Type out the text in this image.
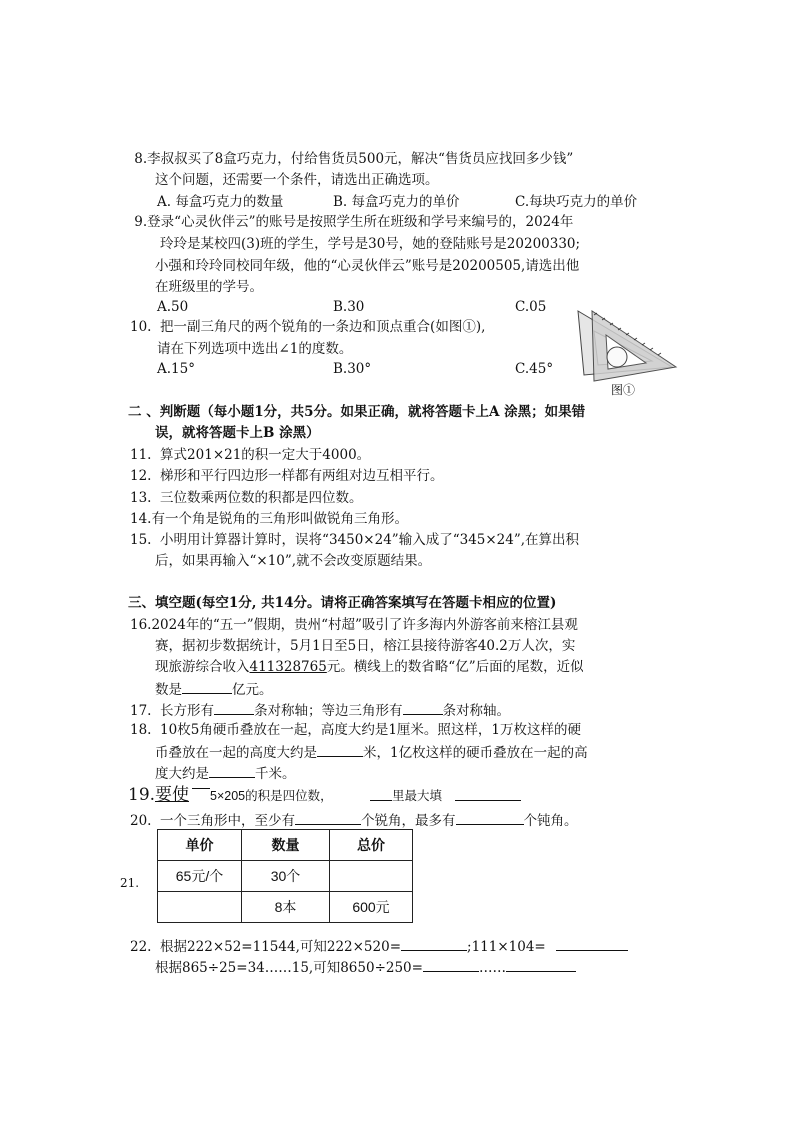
8.李叔叔买了8盒巧克力，付给售货员500元，解决“售货员应找回多少钱”
这个问题，还需要一个条件，请选出正确选项。
A. 每盒巧克力的数量	B. 每盒巧克力的单价	C.每块巧克力的单价
9.登录“心灵伙伴云”的账号是按照学生所在班级和学号来编号的，2024年
玲玲是某校四(3)班的学生，学号是30号，她的登陆账号是20200330;
小强和玲玲同校同年级，他的“心灵伙伴云”账号是20200505,请选出他
在班级里的学号。
A.50	B.30	C.05
10.  把一副三角尺的两个锐角的一条边和顶点重合(如图①),
请在下列选项中选出∠1的度数。
A.15°	B.30°	C.45°
图①
二 、判断题（每小题1分，共5分。如果正确，就将答题卡上A 涂黑；如果错
误，就将答题卡上B 涂黑）
11.  算式201×21的积一定大于4000。
12.  梯形和平行四边形一样都有两组对边互相平行。
13.  三位数乘两位数的积都是四位数。
14.有一个角是锐角的三角形叫做锐角三角形。
15.  小明用计算器计算时，误将“3450×24”输入成了“345×24”,在算出积
后，如果再输入“×10”,就不会改变原题结果。
三、填空题(每空1分, 共14分。请将正确答案填写在答题卡相应的位置)
16.2024年的“五一”假期，贵州“村超”吸引了许多海内外游客前来榕江县观
赛，据初步数据统计，5月1日至5日，榕江县接待游客40.2万人次，实
现旅游综合收入411328765元。横线上的数省略“亿”后面的尾数，近似
数是	亿元。
17.  长方形有	条对称轴；等边三角形有	条对称轴。
18.  10枚5角硬币叠放在一起，高度大约是1厘米。照这样，1万枚这样的硬
币叠放在一起的高度大约是	米，1亿枚这样的硬币叠放在一起的高
度大约是	千米。
19. 要使 5×205的积是四位数，	里最大填
20.  一个三角形中，至少有	个锐角，最多有	个钝角。
21.
单价	数量	总价
65元/个	30个	
	8本	600元
22.  根据222×52=11544,可知222×520=	;111×104=
根据865÷25=34……15,可知8650÷250=	……
